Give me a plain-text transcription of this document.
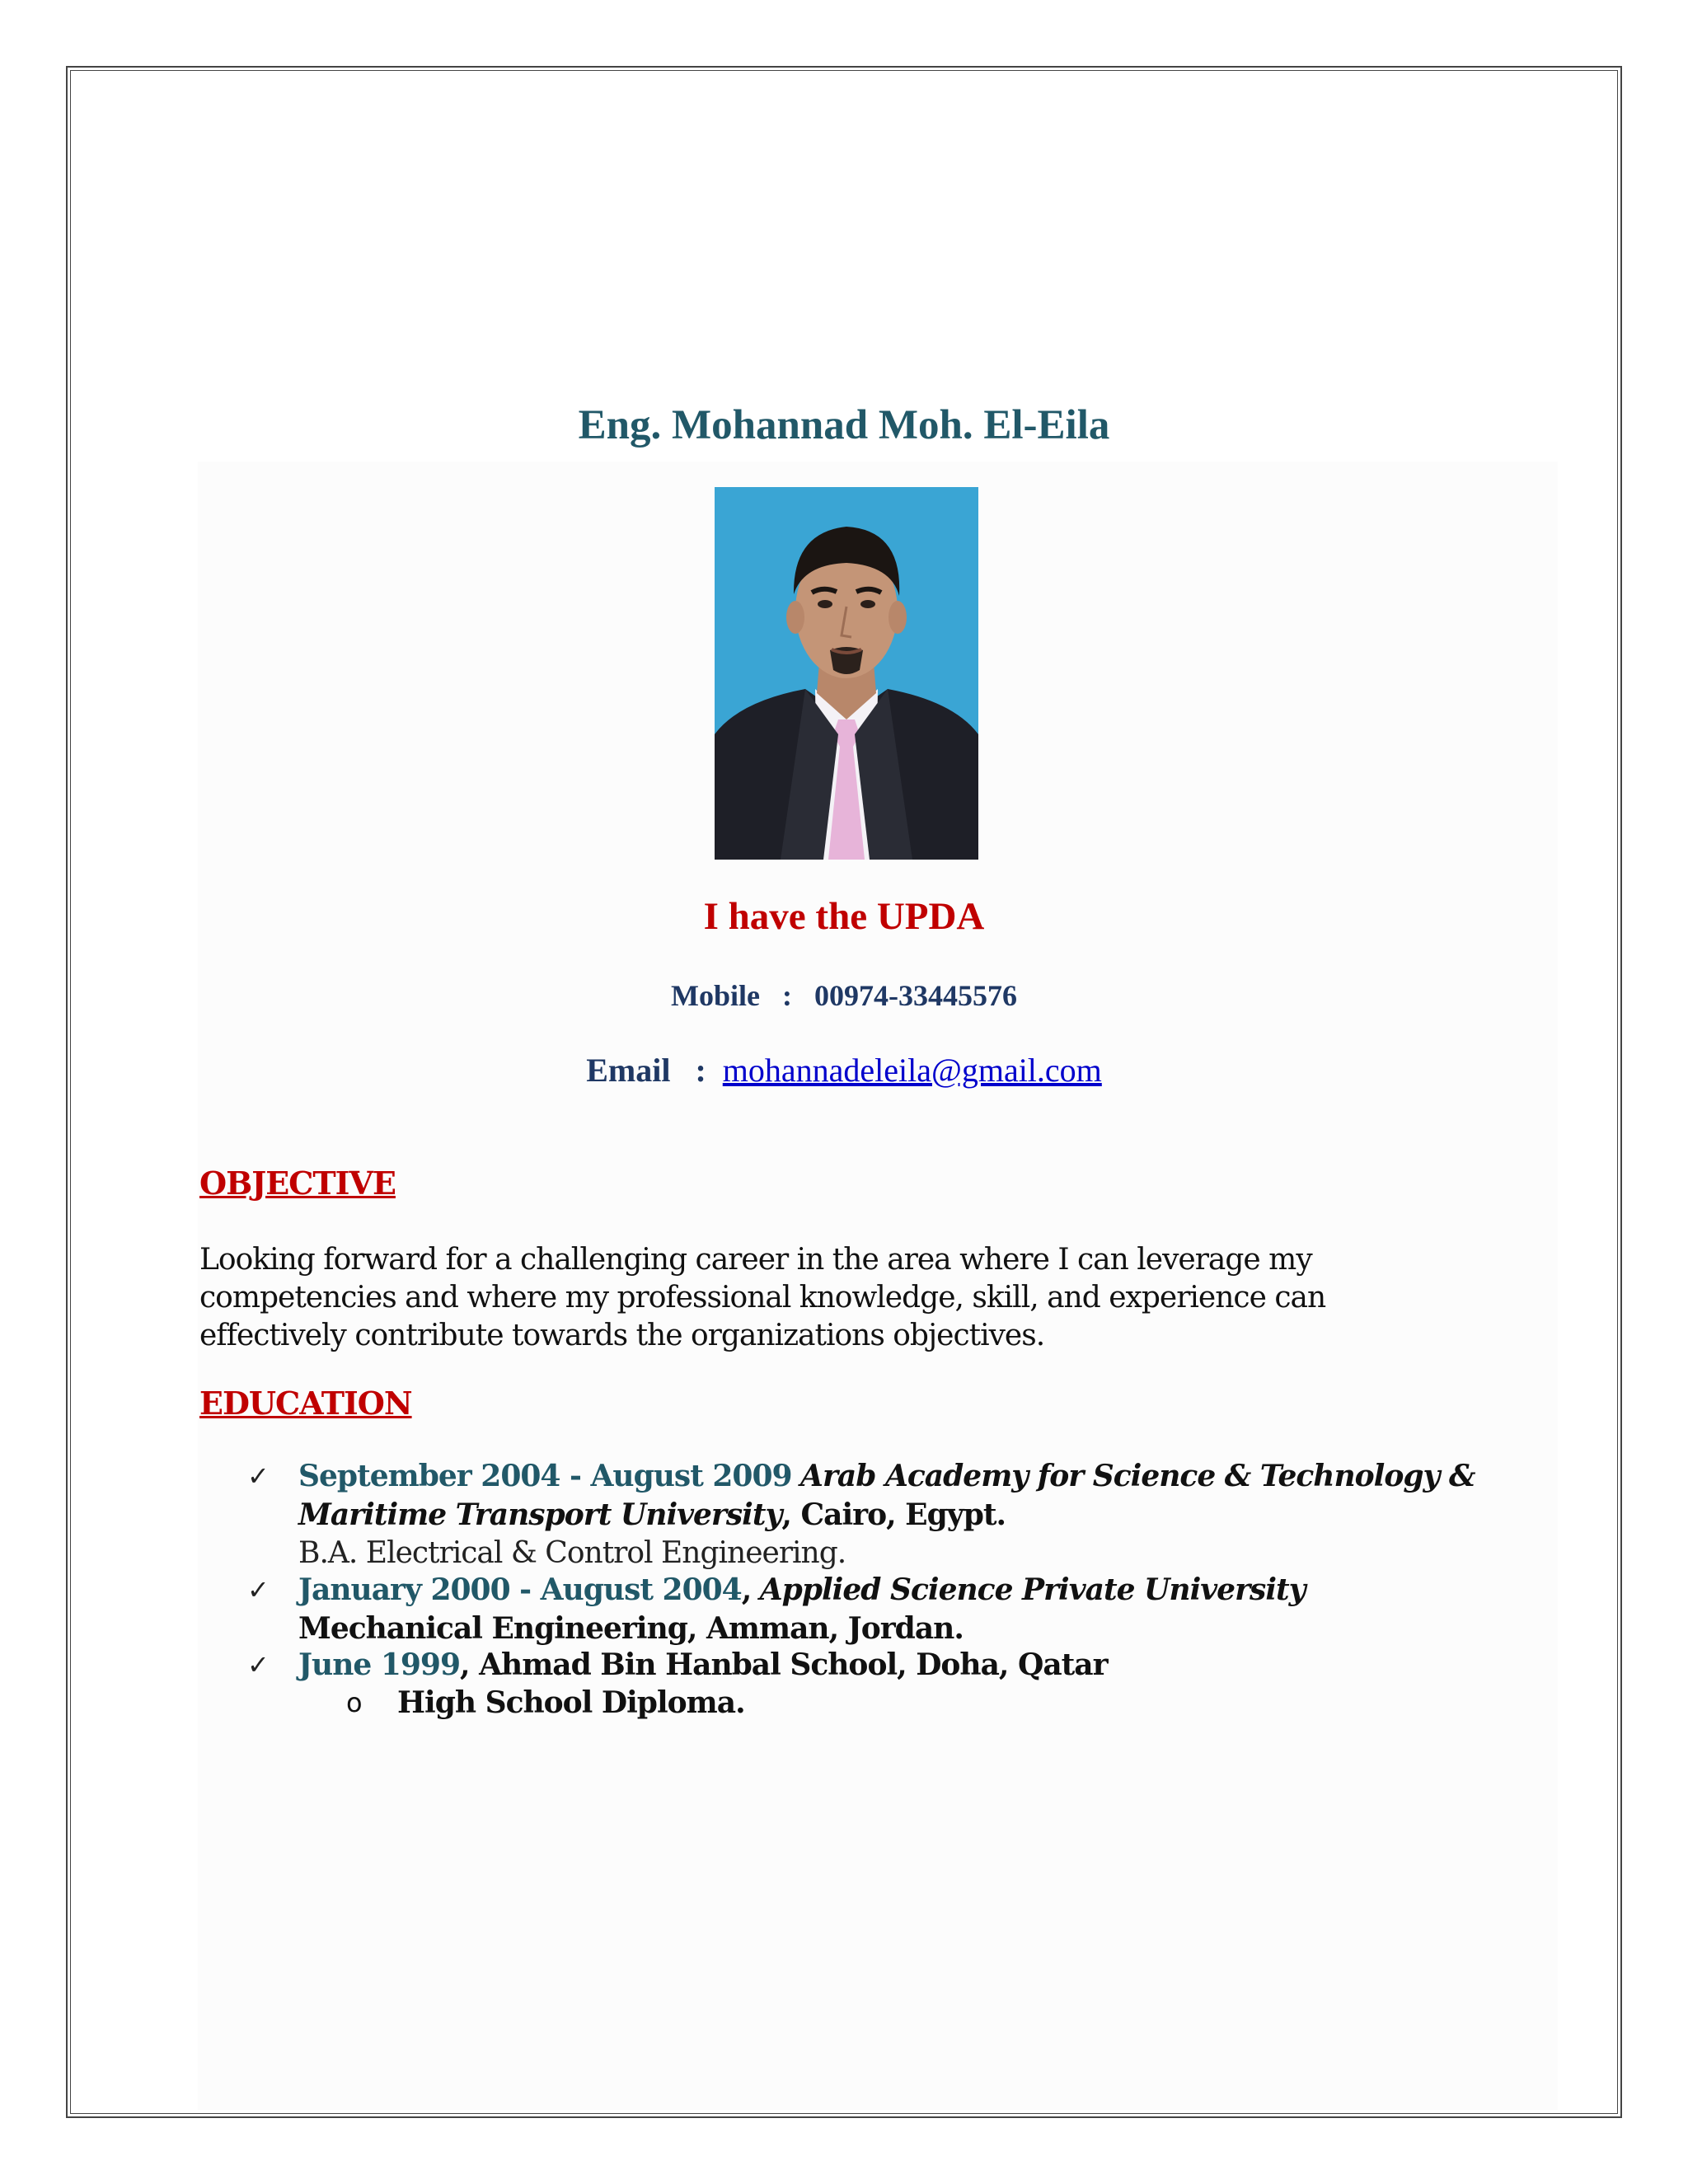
Eng. Mohannad Moh. El-Eila
I have the UPDA
Mobile : 00974-33445576
Email : mohannadeleila@gmail.com
OBJECTIVE
Looking forward for a challenging career in the area where I can leverage my
competencies and where my professional knowledge, skill, and experience can
effectively contribute towards the organizations objectives.
EDUCATION
✓ September 2004 - August 2009 Arab Academy for Science & Technology & Maritime Transport University, Cairo, Egypt.
B.A. Electrical & Control Engineering.
✓ January 2000 - August 2004, Applied Science Private University
Mechanical Engineering, Amman, Jordan.
✓ June 1999, Ahmad Bin Hanbal School, Doha, Qatar
o High School Diploma.
